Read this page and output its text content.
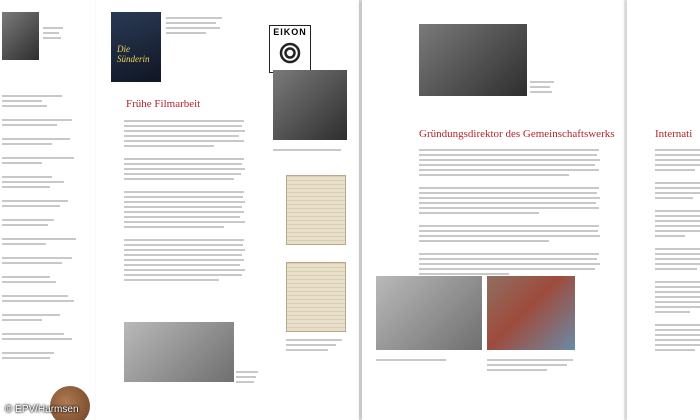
Die Sünderin
Frühe Filmarbeit
EIKON
Gründungsdirektor des Gemeinschaftswerks	Internati
© EPV/Harmsen
